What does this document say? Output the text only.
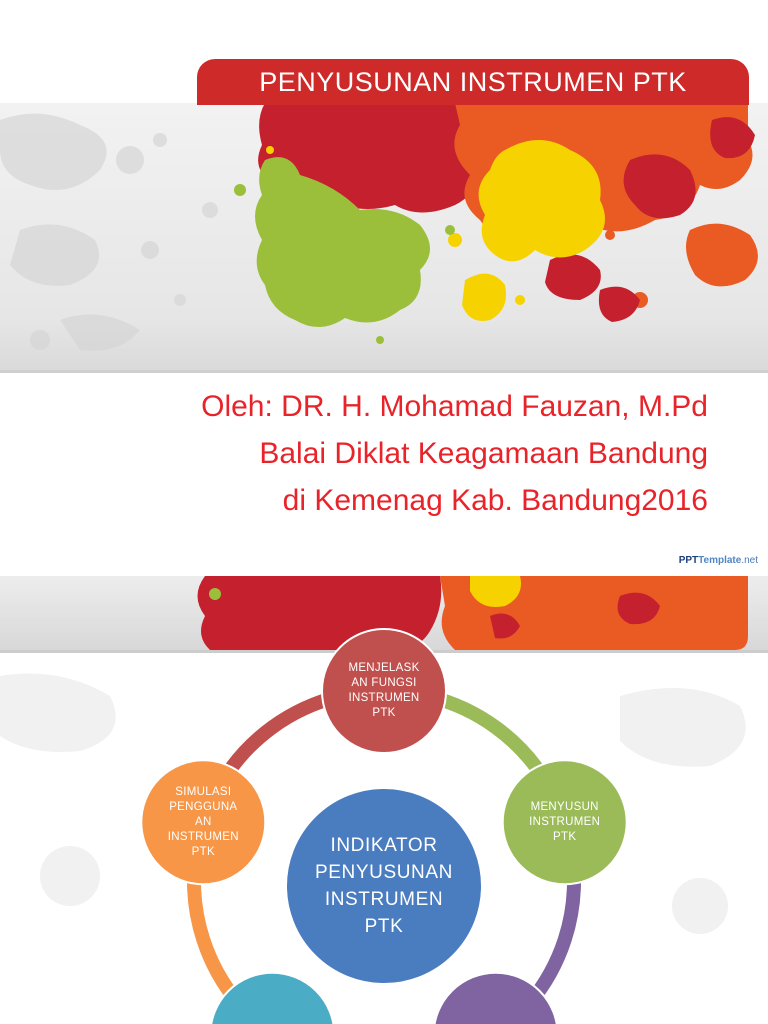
PENYUSUNAN INSTRUMEN PTK
Oleh: DR. H. Mohamad Fauzan, M.Pd
Balai Diklat Keagamaan Bandung
di Kemenag Kab. Bandung2016
PPTTemplate.net
INDIKATOR
PENYUSUNAN
INSTRUMEN
PTK
MENJELASK
AN FUNGSI
INSTRUMEN
PTK
MENYUSUN
INSTRUMEN
PTK
SIMULASI
PENGGUNA
AN
INSTRUMEN
PTK
